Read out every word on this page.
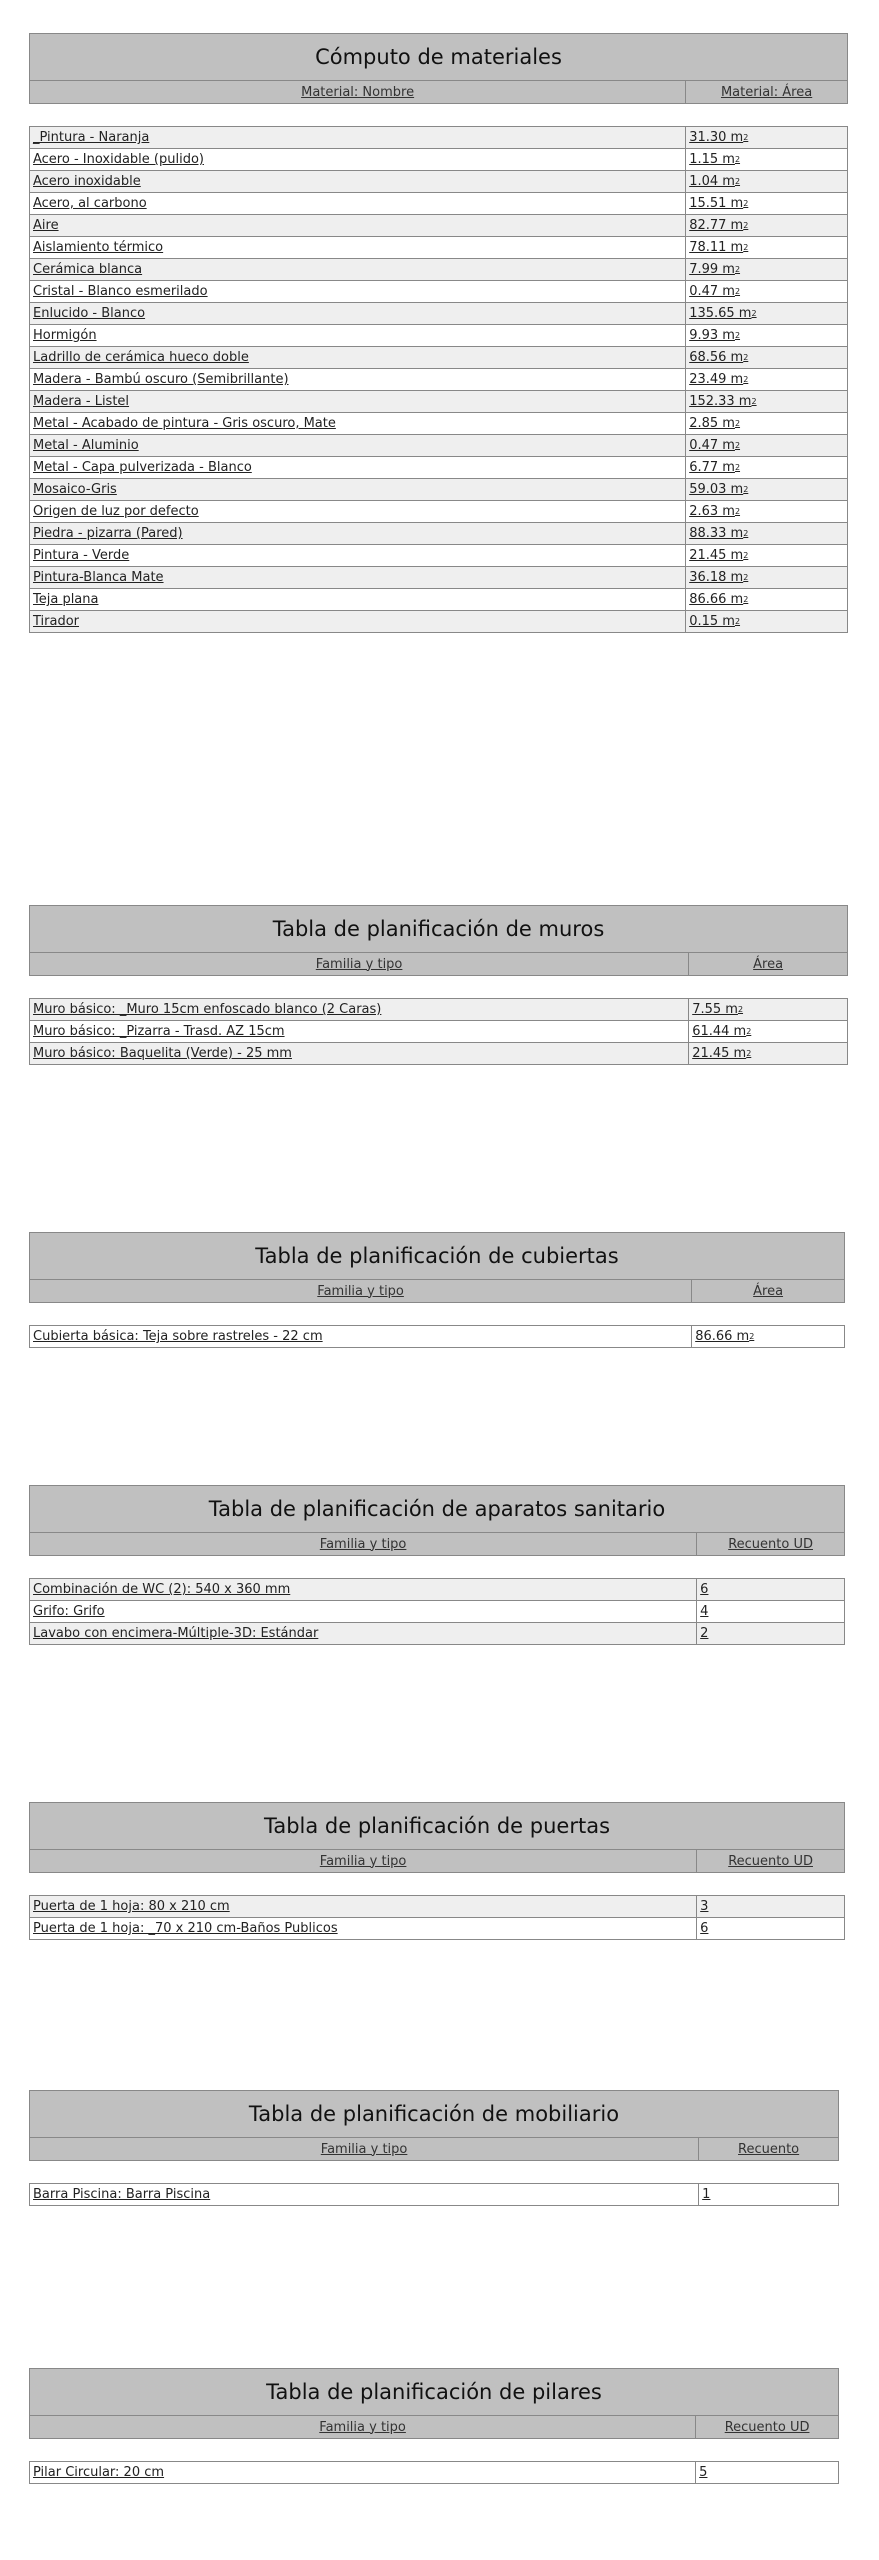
Cómputo de materiales
Material: Nombre	Material: Área
_Pintura - Naranja	31.30 m 2
Acero - Inoxidable (pulido)	1.15 m 2
Acero inoxidable	1.04 m 2
Acero, al carbono	15.51 m 2
Aire	82.77 m 2
Aislamiento térmico	78.11 m 2
Cerámica blanca	7.99 m 2
Cristal - Blanco esmerilado	0.47 m 2
Enlucido - Blanco	135.65 m 2
Hormigón	9.93 m 2
Ladrillo de cerámica hueco doble	68.56 m 2
Madera - Bambú oscuro (Semibrillante)	23.49 m 2
Madera - Listel	152.33 m 2
Metal - Acabado de pintura - Gris oscuro, Mate	2.85 m 2
Metal - Aluminio	0.47 m 2
Metal - Capa pulverizada - Blanco	6.77 m 2
Mosaico-Gris	59.03 m 2
Origen de luz por defecto	2.63 m 2
Piedra - pizarra (Pared)	88.33 m 2
Pintura - Verde	21.45 m 2
Pintura-Blanca Mate	36.18 m 2
Teja plana	86.66 m 2
Tirador	0.15 m 2
Tabla de planificación de muros
Familia y tipo	Área
Muro básico: _Muro 15cm enfoscado blanco (2 Caras)	7.55 m 2
Muro básico: _Pizarra - Trasd. AZ 15cm	61.44 m 2
Muro básico: Baquelita (Verde) - 25 mm	21.45 m 2
Tabla de planificación de cubiertas
Familia y tipo	Área
Cubierta básica: Teja sobre rastreles - 22 cm	86.66 m 2
Tabla de planificación de aparatos sanitario
Familia y tipo	Recuento UD
Combinación de WC (2): 540 x 360 mm	6
Grifo: Grifo	4
Lavabo con encimera-Múltiple-3D: Estándar	2
Tabla de planificación de puertas
Familia y tipo	Recuento UD
Puerta de 1 hoja: 80 x 210 cm	3
Puerta de 1 hoja: _70 x 210 cm-Baños Publicos	6
Tabla de planificación de mobiliario
Familia y tipo	Recuento
Barra Piscina: Barra Piscina	1
Tabla de planificación de pilares
Familia y tipo	Recuento UD
Pilar Circular: 20 cm	5
